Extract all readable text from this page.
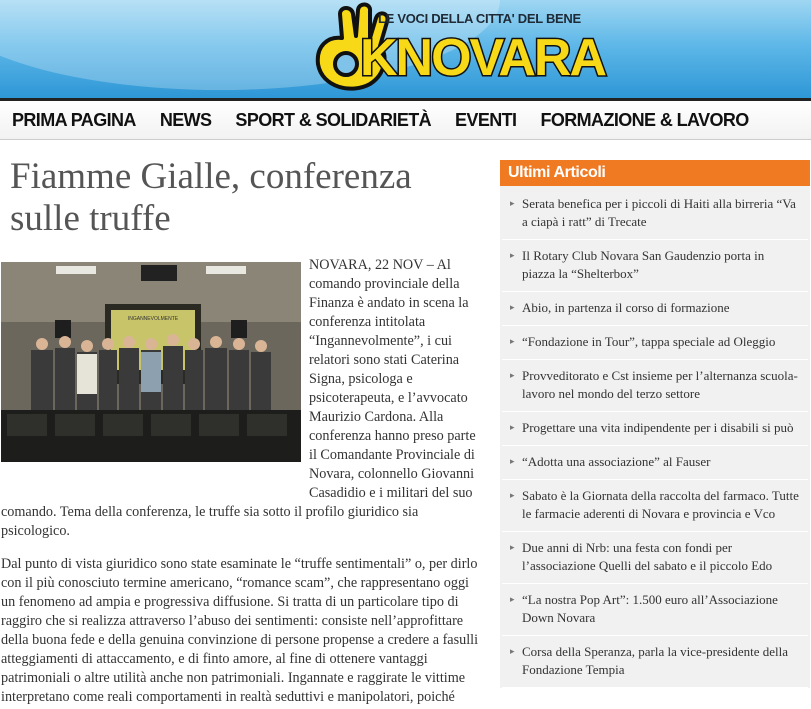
KNOVARA
LE VOCI DELLA CITTA' DEL BENE
PRIMA PAGINA NEWS SPORT & SOLIDARIETÀ EVENTI FORMAZIONE & LAVORO
Fiamme Gialle, conferenza sulle truffe
INGANNEVOLMENTE

NOVARA, 22 NOV – Al comando provinciale della Finanza è andato in scena la conferenza intitolata “Ingannevolmente”, i cui relatori sono stati Caterina Signa, psicologa e psicoterapeuta, e l’avvocato Maurizio Cardona. Alla conferenza hanno preso parte il Comandante Provinciale di Novara, colonnello Giovanni Casadidio e i militari del suo comando. Tema della conferenza, le truffe sia sotto il profilo giuridico sia psicologico.

Dal punto di vista giuridico sono state esaminate le “truffe sentimentali” o, per dirlo con il più conosciuto termine americano, “romance scam”, che rappresentano oggi un fenomeno ad ampia e progressiva diffusione. Si tratta di un particolare tipo di raggiro che si realizza attraverso l’abuso dei sentimenti: consiste nell’approfittare della buona fede e della genuina convinzione di persone propense a credere a fasulli atteggiamenti di attaccamento, e di finto amore, al fine di ottenere vantaggi patrimoniali o altre utilità anche non patrimoniali. Ingannate e raggirate le vittime interpretano come reali comportamenti in realtà seduttivi e manipolatori, poiché

Ultimi Articoli
▸ Serata benefica per i piccoli di Haiti alla birreria “Va a ciapà i ratt” di Trecate
▸ Il Rotary Club Novara San Gaudenzio porta in piazza la “Shelterbox”
▸ Abio, in partenza il corso di formazione
▸ “Fondazione in Tour”, tappa speciale ad Oleggio
▸ Provveditorato e Cst insieme per l’alternanza scuola-lavoro nel mondo del terzo settore
▸ Progettare una vita indipendente per i disabili si può
▸ “Adotta una associazione” al Fauser
▸ Sabato è la Giornata della raccolta del farmaco. Tutte le farmacie aderenti di Novara e provincia e Vco
▸ Due anni di Nrb: una festa con fondi per l’associazione Quelli del sabato e il piccolo Edo
▸ “La nostra Pop Art”: 1.500 euro all’Associazione Down Novara
▸ Corsa della Speranza, parla la vice-presidente della Fondazione Tempia
